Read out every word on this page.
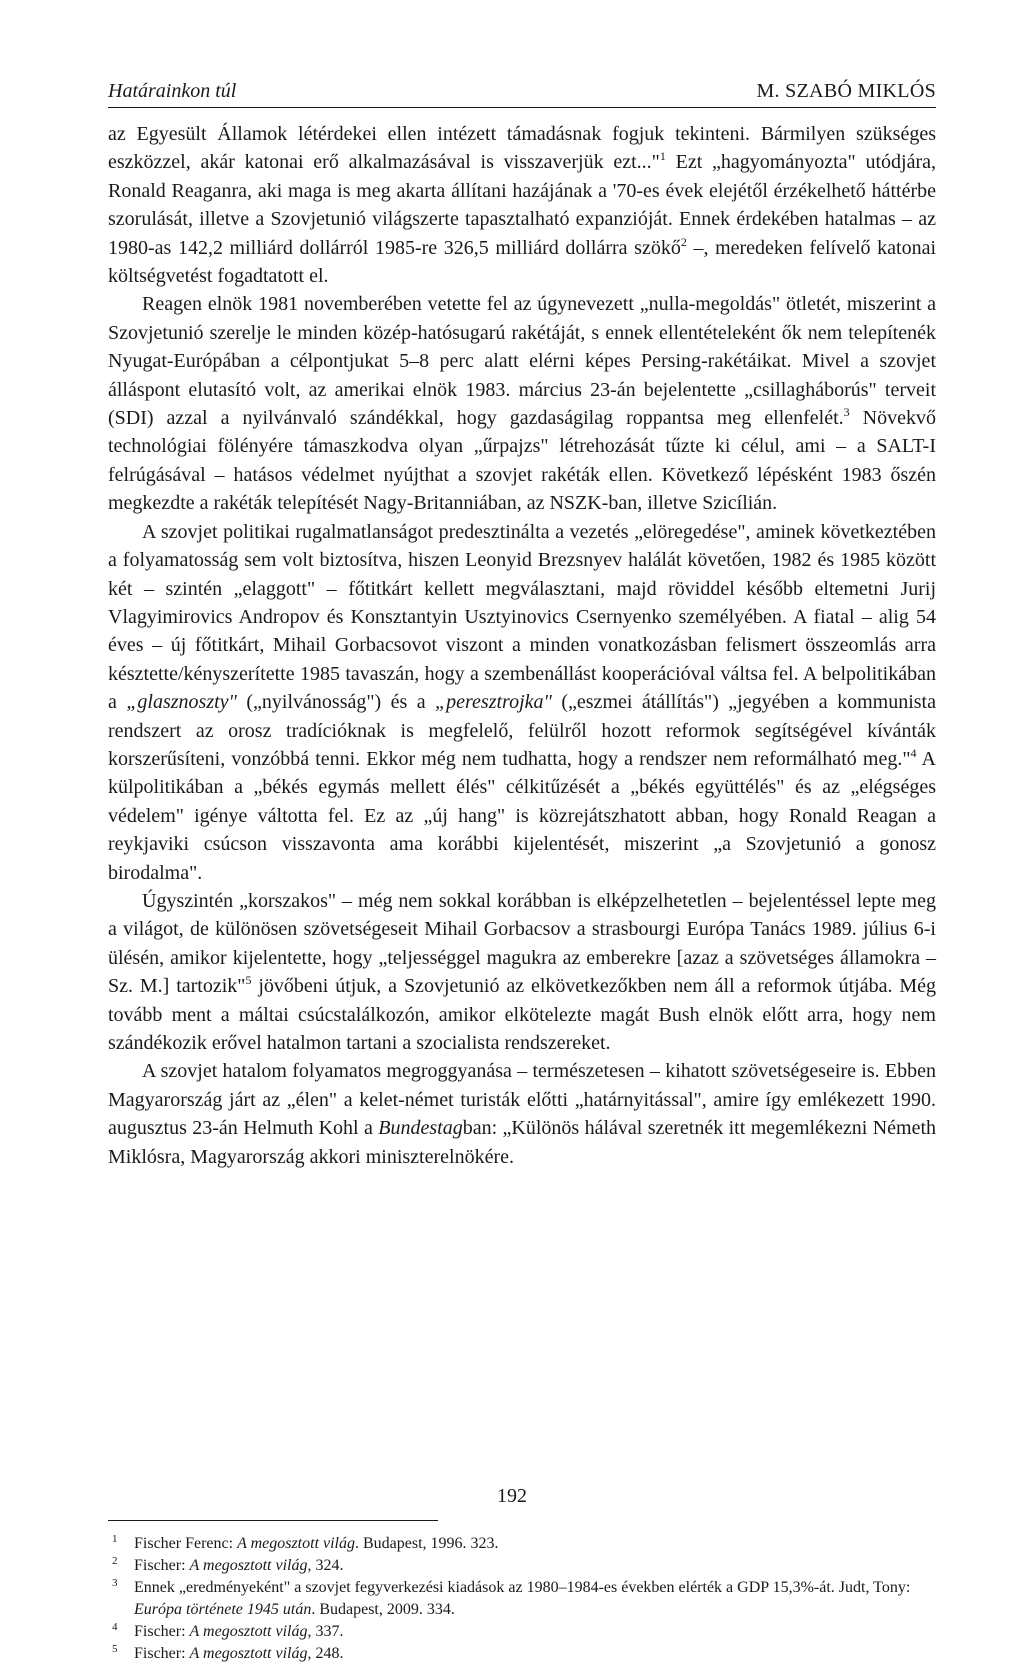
Határainkon túl	M. SZABÓ MIKLÓS

az Egyesült Államok létérdekei ellen intézett támadásnak fogjuk tekinteni. Bármilyen szükséges eszközzel, akár katonai erő alkalmazásával is visszaverjük ezt..."$^1$ Ezt „hagyományozta" utódjára, Ronald Reaganra, aki maga is meg akarta állítani hazájának a '70-es évek elejétől érzékelhető háttérbe szorulását, illetve a Szovjetunió világszerte tapasztalható expanzióját. Ennek érdekében hatalmas – az 1980-as 142,2 milliárd dollárról 1985-re 326,5 milliárd dollárra szökő$^2$ –, meredeken felívelő katonai költségvetést fogadtatott el.

Reagen elnök 1981 novemberében vetette fel az úgynevezett „nulla-megoldás" ötletét, miszerint a Szovjetunió szerelje le minden közép-hatósugarú rakétáját, s ennek ellentételeként ők nem telepítenék Nyugat-Európában a célpontjukat 5–8 perc alatt elérni képes Persing-rakétáikat. Mivel a szovjet álláspont elutasító volt, az amerikai elnök 1983. március 23-án bejelentette „csillagháborús" terveit (SDI) azzal a nyilvánvaló szándékkal, hogy gazdaságilag roppantsa meg ellenfelét.$^3$ Növekvő technológiai fölényére támaszkodva olyan „űrpajzs" létrehozását tűzte ki célul, ami – a SALT-I felrúgásával – hatásos védelmet nyújthat a szovjet rakéták ellen. Következő lépésként 1983 őszén megkezdte a rakéták telepítését Nagy-Britanniában, az NSZK-ban, illetve Szicílián.

A szovjet politikai rugalmatlanságot predesztinálta a vezetés „elöregedése", aminek következtében a folyamatosság sem volt biztosítva, hiszen Leonyid Brezsnyev halálát követően, 1982 és 1985 között két – szintén „elaggott" – főtitkárt kellett megválasztani, majd röviddel később eltemetni Jurij Vlagyimirovics Andropov és Konsztantyin Usztyinovics Csernyenko személyében. A fiatal – alig 54 éves – új főtitkárt, Mihail Gorbacsovot viszont a minden vonatkozásban felismert összeomlás arra késztette/kényszerítette 1985 tavaszán, hogy a szembenállást kooperációval váltsa fel. A belpolitikában a „glasznoszty" („nyilvánosság") és a „peresztrojka" („eszmei átállítás") „jegyében a kommunista rendszert az orosz tradícióknak is megfelelő, felülről hozott reformok segítségével kívánták korszerűsíteni, vonzóbbá tenni. Ekkor még nem tudhatta, hogy a rendszer nem reformálható meg."$^4$ A külpolitikában a „békés egymás mellett élés" célkitűzését a „békés együttélés" és az „elégséges védelem" igénye váltotta fel. Ez az „új hang" is közrejátszhatott abban, hogy Ronald Reagan a reykjaviki csúcson visszavonta ama korábbi kijelentését, miszerint „a Szovjetunió a gonosz birodalma".

Úgyszintén „korszakos" – még nem sokkal korábban is elképzelhetetlen – bejelentéssel lepte meg a világot, de különösen szövetségeseit Mihail Gorbacsov a strasbourgi Európa Tanács 1989. július 6-i ülésén, amikor kijelentette, hogy „teljességgel magukra az emberekre [azaz a szövetséges államokra – Sz. M.] tartozik"$^5$ jövőbeni útjuk, a Szovjetunió az elkövetkezőkben nem áll a reformok útjába. Még tovább ment a máltai csúcstalálkozón, amikor elkötelezte magát Bush elnök előtt arra, hogy nem szándékozik erővel hatalmon tartani a szocialista rendszereket.

A szovjet hatalom folyamatos megroggyanása – természetesen – kihatott szövetségeseire is. Ebben Magyarország járt az „élen" a kelet-német turisták előtti „határnyitással", amire így emlékezett 1990. augusztus 23-án Helmuth Kohl a Bundestagban: „Különös hálával szeretnék itt megemlékezni Németh Miklósra, Magyarország akkori miniszterelnökére.

$^1$	Fischer Ferenc: A megosztott világ. Budapest, 1996. 323.
$^2$	Fischer: A megosztott világ, 324.
$^3$	Ennek „eredményeként" a szovjet fegyverkezési kiadások az 1980–1984-es években elérték a GDP 15,3%-át. Judt, Tony: Európa története 1945 után. Budapest, 2009. 334.
$^4$	Fischer: A megosztott világ, 337.
$^5$	Fischer: A megosztott világ, 248.
192
